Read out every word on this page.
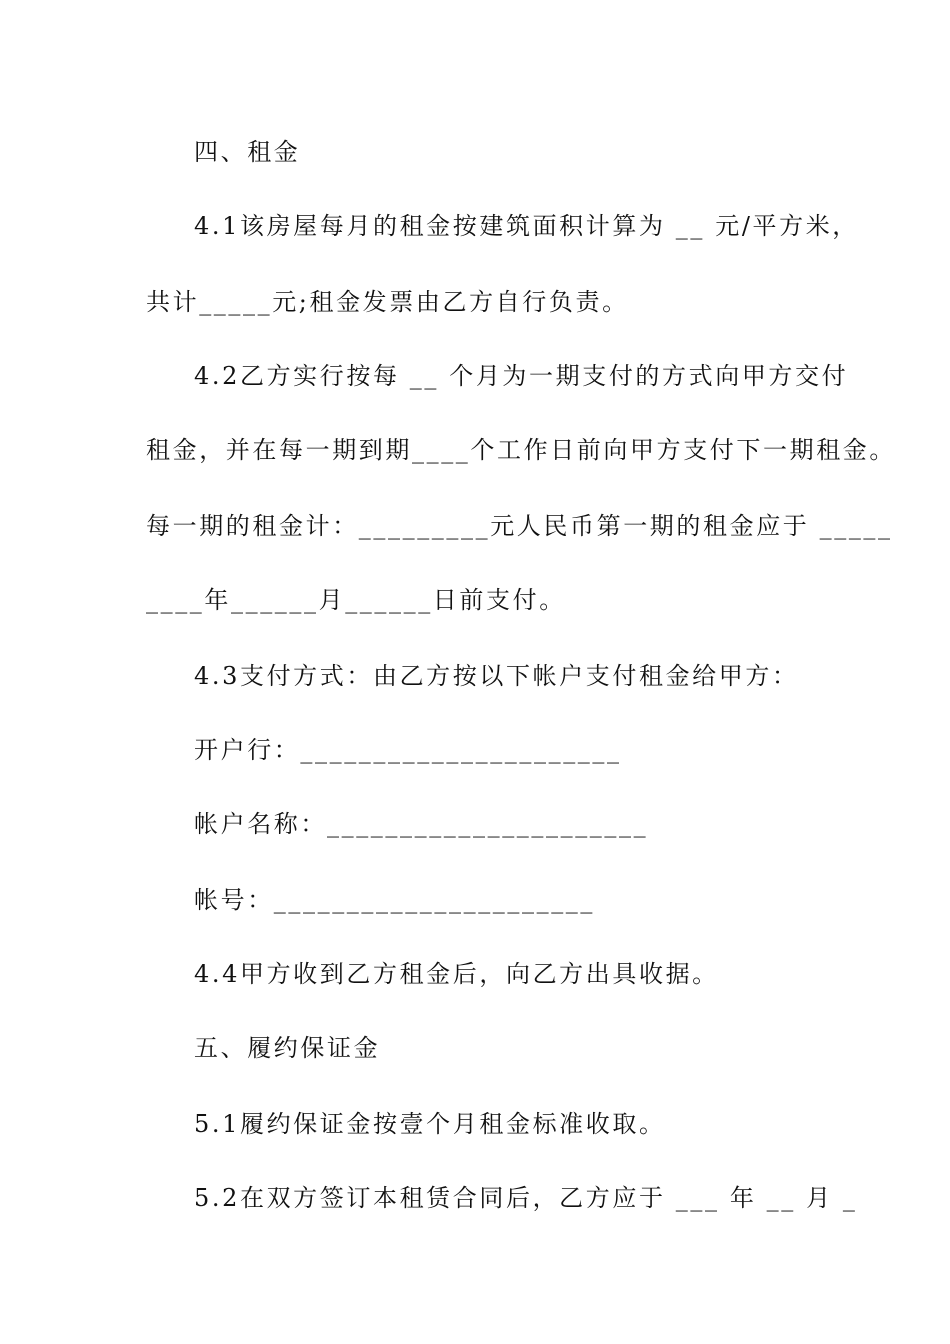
四、租金
4.1该房屋每月的租金按建筑面积计算为 __ 元/平方米，
共计_____元;租金发票由乙方自行负责。
4.2乙方实行按每 __ 个月为一期支付的方式向甲方交付
租金，并在每一期到期____个工作日前向甲方支付下一期租金。
每一期的租金计：_________元人民币第一期的租金应于 _____
____年______月______日前支付。
4.3支付方式：由乙方按以下帐户支付租金给甲方：
开户行：______________________
帐户名称：______________________
帐号：______________________
4.4甲方收到乙方租金后，向乙方出具收据。
五、履约保证金
5.1履约保证金按壹个月租金标准收取。
5.2在双方签订本租赁合同后，乙方应于 ___ 年 __ 月 _
